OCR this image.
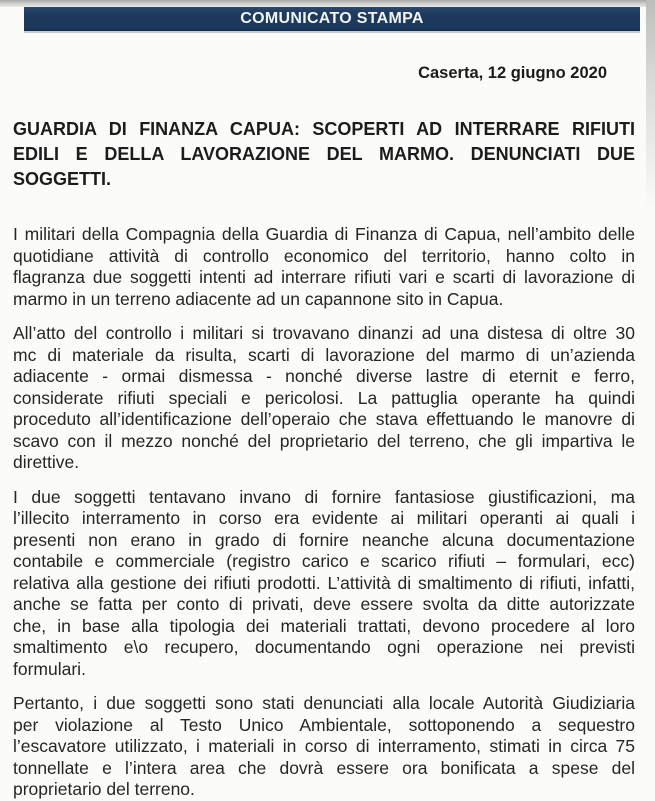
COMUNICATO STAMPA
Caserta, 12 giugno 2020
GUARDIA DI FINANZA CAPUA: SCOPERTI AD INTERRARE RIFIUTI
EDILI E DELLA LAVORAZIONE DEL MARMO. DENUNCIATI DUE
SOGGETTI.
I militari della Compagnia della Guardia di Finanza di Capua, nell’ambito delle
quotidiane attività di controllo economico del territorio, hanno colto in
flagranza due soggetti intenti ad interrare rifiuti vari e scarti di lavorazione di
marmo in un terreno adiacente ad un capannone sito in Capua.
All’atto del controllo i militari si trovavano dinanzi ad una distesa di oltre 30
mc di materiale da risulta, scarti di lavorazione del marmo di un’azienda
adiacente - ormai dismessa - nonché diverse lastre di eternit e ferro,
considerate rifiuti speciali e pericolosi. La pattuglia operante ha quindi
proceduto all’identificazione dell’operaio che stava effettuando le manovre di
scavo con il mezzo nonché del proprietario del terreno, che gli impartiva le
direttive.
I due soggetti tentavano invano di fornire fantasiose giustificazioni, ma
l’illecito interramento in corso era evidente ai militari operanti ai quali i
presenti non erano in grado di fornire neanche alcuna documentazione
contabile e commerciale (registro carico e scarico rifiuti – formulari, ecc)
relativa alla gestione dei rifiuti prodotti. L’attività di smaltimento di rifiuti, infatti,
anche se fatta per conto di privati, deve essere svolta da ditte autorizzate
che, in base alla tipologia dei materiali trattati, devono procedere al loro
smaltimento e\o recupero, documentando ogni operazione nei previsti
formulari.
Pertanto, i due soggetti sono stati denunciati alla locale Autorità Giudiziaria
per violazione al Testo Unico Ambientale, sottoponendo a sequestro
l’escavatore utilizzato, i materiali in corso di interramento, stimati in circa 75
tonnellate e l’intera area che dovrà essere ora bonificata a spese del
proprietario del terreno.
